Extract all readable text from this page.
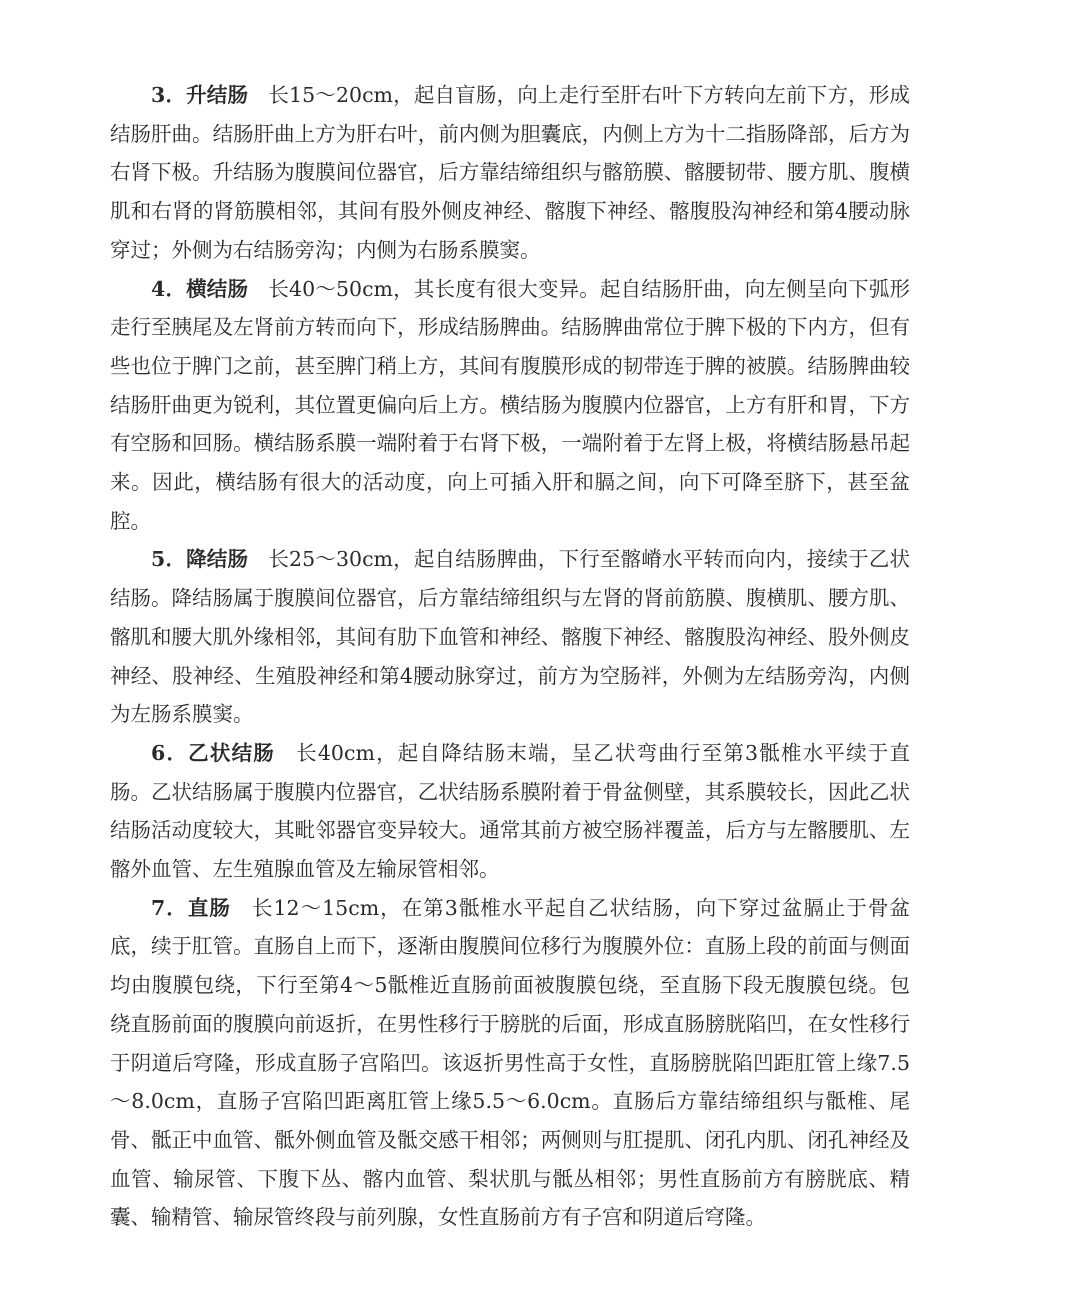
3．升结肠 长15～20cm，起自盲肠，向上走行至肝右叶下方转向左前下方，形成结肠肝曲。结肠肝曲上方为肝右叶，前内侧为胆囊底，内侧上方为十二指肠降部，后方为右肾下极。升结肠为腹膜间位器官，后方靠结缔组织与髂筋膜、髂腰韧带、腰方肌、腹横肌和右肾的肾筋膜相邻，其间有股外侧皮神经、髂腹下神经、髂腹股沟神经和第4腰动脉穿过；外侧为右结肠旁沟；内侧为右肠系膜窦。

4．横结肠 长40～50cm，其长度有很大变异。起自结肠肝曲，向左侧呈向下弧形走行至胰尾及左肾前方转而向下，形成结肠脾曲。结肠脾曲常位于脾下极的下内方，但有些也位于脾门之前，甚至脾门稍上方，其间有腹膜形成的韧带连于脾的被膜。结肠脾曲较结肠肝曲更为锐利，其位置更偏向后上方。横结肠为腹膜内位器官，上方有肝和胃，下方有空肠和回肠。横结肠系膜一端附着于右肾下极，一端附着于左肾上极，将横结肠悬吊起来。因此，横结肠有很大的活动度，向上可插入肝和膈之间，向下可降至脐下，甚至盆腔。

5．降结肠 长25～30cm，起自结肠脾曲，下行至髂嵴水平转而向内，接续于乙状结肠。降结肠属于腹膜间位器官，后方靠结缔组织与左肾的肾前筋膜、腹横肌、腰方肌、髂肌和腰大肌外缘相邻，其间有肋下血管和神经、髂腹下神经、髂腹股沟神经、股外侧皮神经、股神经、生殖股神经和第4腰动脉穿过，前方为空肠袢，外侧为左结肠旁沟，内侧为左肠系膜窦。

6．乙状结肠 长40cm，起自降结肠末端，呈乙状弯曲行至第3骶椎水平续于直肠。乙状结肠属于腹膜内位器官，乙状结肠系膜附着于骨盆侧壁，其系膜较长，因此乙状结肠活动度较大，其毗邻器官变异较大。通常其前方被空肠袢覆盖，后方与左髂腰肌、左髂外血管、左生殖腺血管及左输尿管相邻。

7．直肠 长12～15cm，在第3骶椎水平起自乙状结肠，向下穿过盆膈止于骨盆底，续于肛管。直肠自上而下，逐渐由腹膜间位移行为腹膜外位：直肠上段的前面与侧面均由腹膜包绕，下行至第4～5骶椎近直肠前面被腹膜包绕，至直肠下段无腹膜包绕。包绕直肠前面的腹膜向前返折，在男性移行于膀胱的后面，形成直肠膀胱陷凹，在女性移行于阴道后穹隆，形成直肠子宫陷凹。该返折男性高于女性，直肠膀胱陷凹距肛管上缘7.5～8.0cm，直肠子宫陷凹距离肛管上缘5.5～6.0cm。直肠后方靠结缔组织与骶椎、尾骨、骶正中血管、骶外侧血管及骶交感干相邻；两侧则与肛提肌、闭孔内肌、闭孔神经及血管、输尿管、下腹下丛、髂内血管、梨状肌与骶丛相邻；男性直肠前方有膀胱底、精囊、输精管、输尿管终段与前列腺，女性直肠前方有子宫和阴道后穹隆。
